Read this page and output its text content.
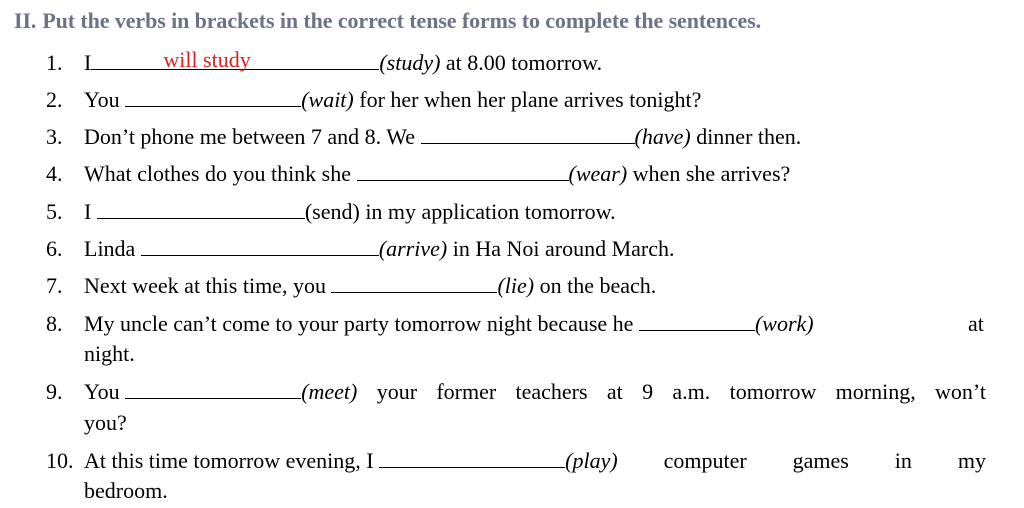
II. Put the verbs in brackets in the correct tense forms to complete the sentences.
1. I	will study	(study) at 8.00 tomorrow.
2. You	(wait) for her when her plane arrives tonight?
3. Don’t phone me between 7 and 8. We	(have) dinner then.
4. What clothes do you think she	(wear) when she arrives?
5. I	(send) in my application tomorrow.
6. Linda	(arrive) in Ha Noi around March.
7. Next week at this time, you	(lie) on the beach.
8. My uncle can’t come to your party tomorrow night because he	(work)	at
night.
9. You	(meet) your former teachers at 9 a.m. tomorrow morning, won’t
you?
10. At this time tomorrow evening, I	(play) computer games in my
bedroom.
